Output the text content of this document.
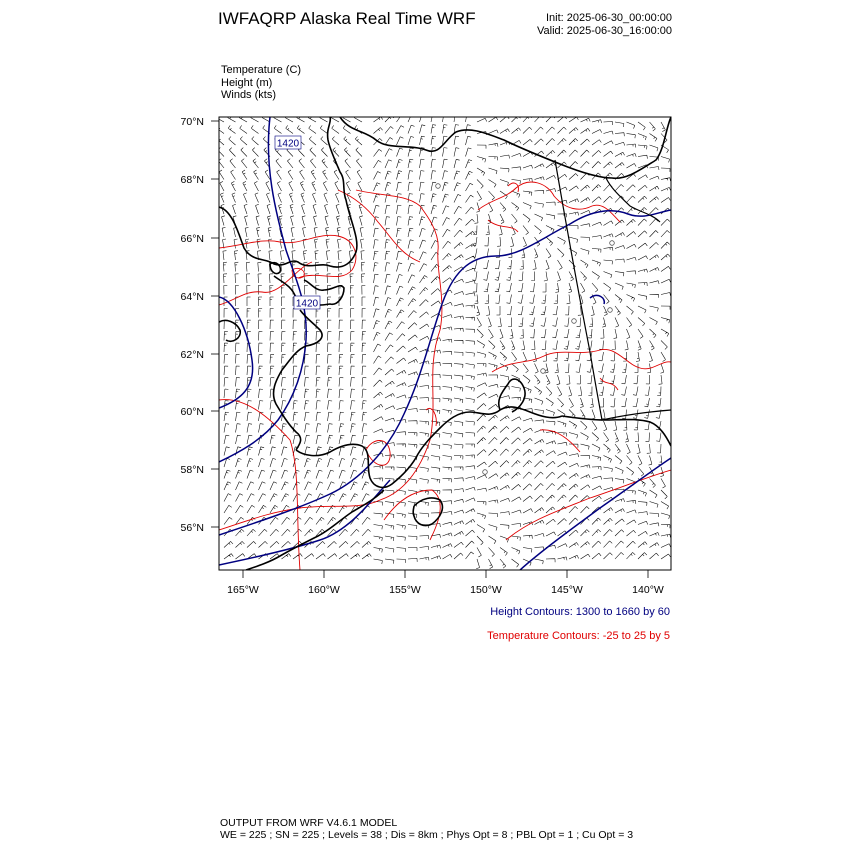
IWFAQRP Alaska Real Time WRF	Init: 2025-06-30_00:00:00
Valid: 2025-06-30_16:00:00
Temperature (C)
Height (m)
Winds (kts)
1420
1420
70°N
68°N
66°N
64°N
62°N
60°N
58°N
56°N
165°W	160°W	155°W	150°W	145°W	140°W
Height Contours: 1300 to 1660 by 60
Temperature Contours: -25 to 25 by 5
OUTPUT FROM WRF V4.6.1 MODEL
WE = 225 ; SN = 225 ; Levels = 38 ; Dis = 8km ; Phys Opt = 8 ; PBL Opt = 1 ; Cu Opt = 3
